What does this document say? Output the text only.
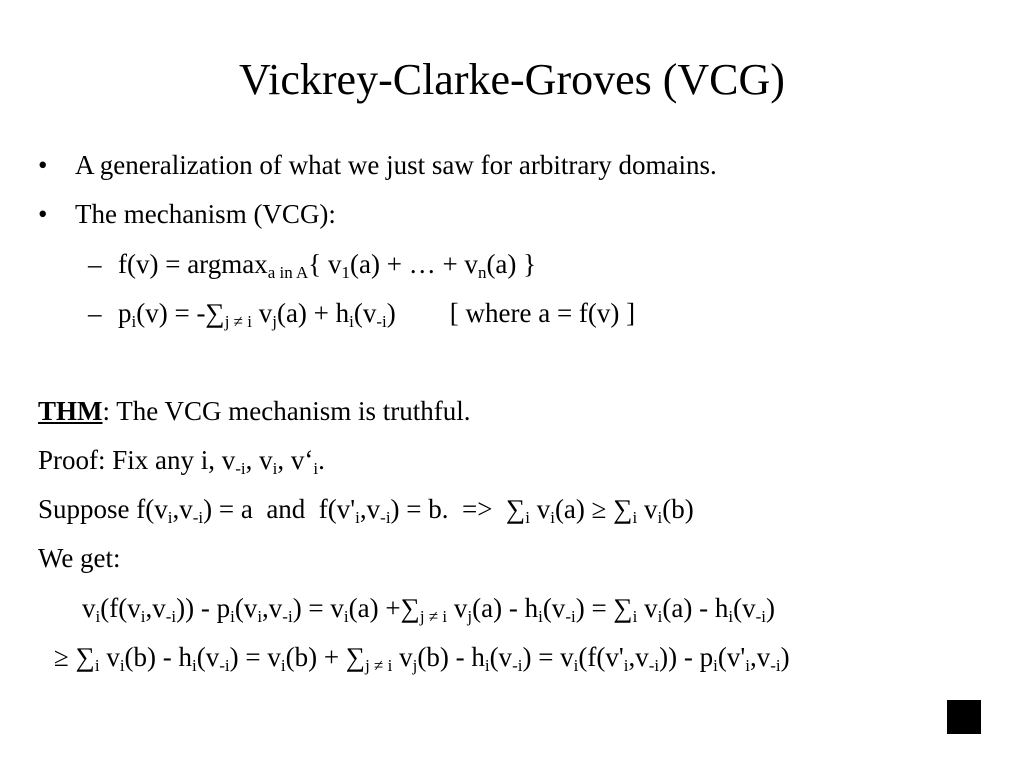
Vickrey-Clarke-Groves (VCG)
• A generalization of what we just saw for arbitrary domains.
• The mechanism (VCG):
– f(v) = argmax$_{a in A}${ $v_1(a)$ + … + $v_n(a)$ }
– $p_i(v) = -\sum_{j \ne i}$ $v_j(a) + h_i(v_{-i})$        [ where a = f(v) ]
THM: The VCG mechanism is truthful.
Proof: Fix any i, $v_{-i}$, $v_i$, $v‘_i$.
Suppose $f(v_i,v_{-i}) = a$  and  $f(v'_i,v_{-i}) = b$.  =>  $\sum_i$ $v_i(a) \ge \sum_i$ $v_i(b)$
We get:
$v_i(f(v_i,v_{-i})) - p_i(v_i,v_{-i}) = v_i(a) +\sum_{j \ne i}$ $v_j(a) - h_i(v_{-i}) = \sum_i$ $v_i(a) - h_i(v_{-i})$
≥ $\sum_i$ $v_i(b) - h_i(v_{-i}) = v_i(b) + \sum_{j \ne i}$ $v_j(b) - h_i(v_{-i}) = v_i(f(v'_i,v_{-i})) - p_i(v'_i,v_{-i})$
